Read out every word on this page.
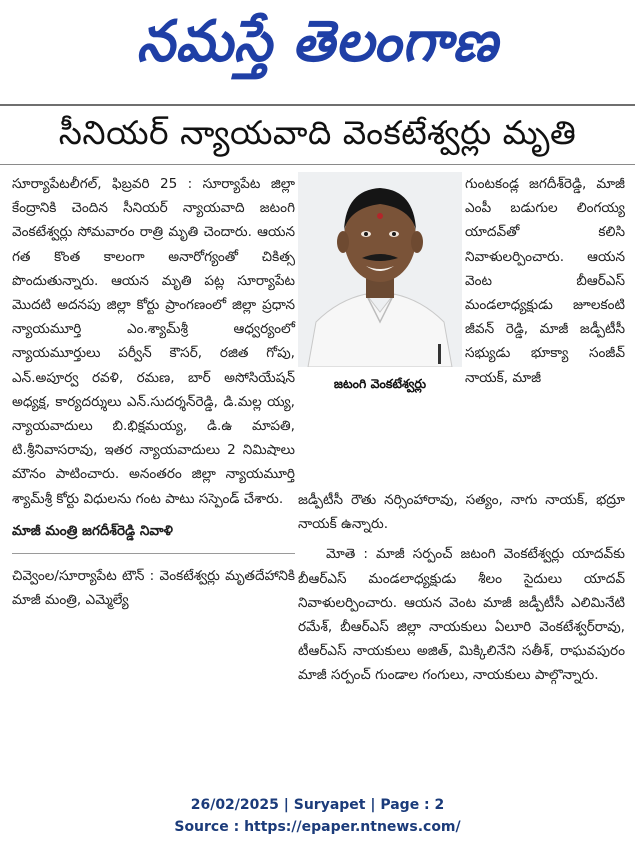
నమస్తే తెలంగాణ
సీనియర్ న్యాయవాది వెంకటేశ్వర్లు మృతి

సూర్యాపేటలీగల్, ఫిబ్రవరి 25 : సూర్యాపేట జిల్లా కేంద్రానికి చెందిన సీనియర్ న్యాయవాది జటంగి వెంకటేశ్వర్లు సోమవారం రాత్రి మృతి చెందారు. ఆయన గత కొంత కాలంగా అనారోగ్యంతో చికిత్స పొందుతున్నారు. ఆయన మృతి పట్ల సూర్యాపేట మొదటి అదనపు జిల్లా కోర్టు ప్రాంగణంలో జిల్లా ప్రధాన న్యాయమూర్తి ఎం.శ్యామ్‌శ్రీ ఆధ్వర్యంలో న్యాయమూర్తులు పర్వీన్ కౌసర్, రజిత గోపు, ఎన్.అపూర్వ రవళి, రమణ, బార్ అసోసియేషన్ అధ్యక్ష, కార్యదర్శులు ఎన్.సుదర్శన్‌రెడ్డి, డి.మల్ల య్య, న్యాయవాదులు బి.భిక్షమయ్య, డి.ఉ మాపతి, టి.శ్రీనివాసరావు, ఇతర న్యాయవాదులు 2 నిమిషాలు మౌనం పాటించారు. అనంతరం జిల్లా న్యాయమూర్తి శ్యామ్‌శ్రీ కోర్టు విధులను గంట పాటు సస్పెండ్ చేశారు.

మాజీ మంత్రి జగదీశ్‌రెడ్డి నివాళి

చివ్వెంల/సూర్యాపేట టౌన్ : వెంకటేశ్వర్లు మృతదేహానికి మాజీ మంత్రి, ఎమ్మెల్యే

జటంగి వెంకటేశ్వర్లు

గుంటకండ్ల జగదీశ్‌రెడ్డి, మాజీ ఎంపీ బడుగుల లింగయ్య యాదవ్‌తో కలిసి నివాళులర్పించారు. ఆయన వెంట బీఆర్‌ఎస్ మండలాధ్యక్షుడు జూలకంటి జీవన్ రెడ్డి, మాజీ జడ్పీటీసీ సభ్యుడు భూక్యా సంజీవ్ నాయక్, మాజీ

జడ్పీటీసీ రౌతు నర్సింహారావు, సత్యం, నాగు నాయక్, భద్రూ నాయక్ ఉన్నారు.

మోతె : మాజీ సర్పంచ్ జటంగి వెంకటేశ్వర్లు యాదవ్‌కు బీఆర్‌ఎస్ మండలాధ్యక్షుడు శీలం సైదులు యాదవ్ నివాళులర్పించారు. ఆయన వెంట మాజీ జడ్పీటీసీ ఎలిమినేటి రమేశ్, బీఆర్‌ఎస్ జిల్లా నాయకులు ఏలూరి వెంకటేశ్వర్‌రావు, టీఆర్‌ఎస్ నాయకులు అజిత్, మిక్కిలినేని సతీశ్, రాఘవపురం మాజీ సర్పంచ్ గుండాల గంగులు, నాయకులు పాల్గొన్నారు.

26/02/2025 | Suryapet | Page : 2
Source : https://epaper.ntnews.com/
